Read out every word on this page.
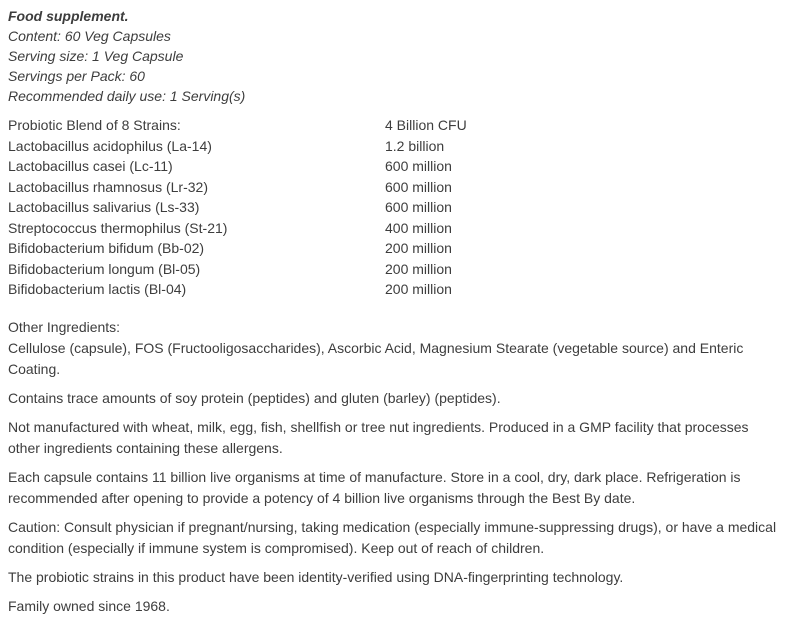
Food supplement.
Content: 60 Veg Capsules
Serving size: 1 Veg Capsule
Servings per Pack: 60
Recommended daily use: 1 Serving(s)
Probiotic Blend of 8 Strains:	4 Billion CFU
Lactobacillus acidophilus (La-14)	1.2 billion
Lactobacillus casei (Lc-11)	600 million
Lactobacillus rhamnosus (Lr-32)	600 million
Lactobacillus salivarius (Ls-33)	600 million
Streptococcus thermophilus (St-21)	400 million
Bifidobacterium bifidum (Bb-02)	200 million
Bifidobacterium longum (Bl-05)	200 million
Bifidobacterium lactis (Bl-04)	200 million

Other Ingredients:
Cellulose (capsule), FOS (Fructooligosaccharides), Ascorbic Acid, Magnesium Stearate (vegetable source) and Enteric Coating.

Contains trace amounts of soy protein (peptides) and gluten (barley) (peptides).

Not manufactured with wheat, milk, egg, fish, shellfish or tree nut ingredients. Produced in a GMP facility that processes other ingredients containing these allergens.

Each capsule contains 11 billion live organisms at time of manufacture. Store in a cool, dry, dark place. Refrigeration is recommended after opening to provide a potency of 4 billion live organisms through the Best By date.

Caution: Consult physician if pregnant/nursing, taking medication (especially immune-suppressing drugs), or have a medical condition (especially if immune system is compromised). Keep out of reach of children.

The probiotic strains in this product have been identity-verified using DNA-fingerprinting technology.

Family owned since 1968.
